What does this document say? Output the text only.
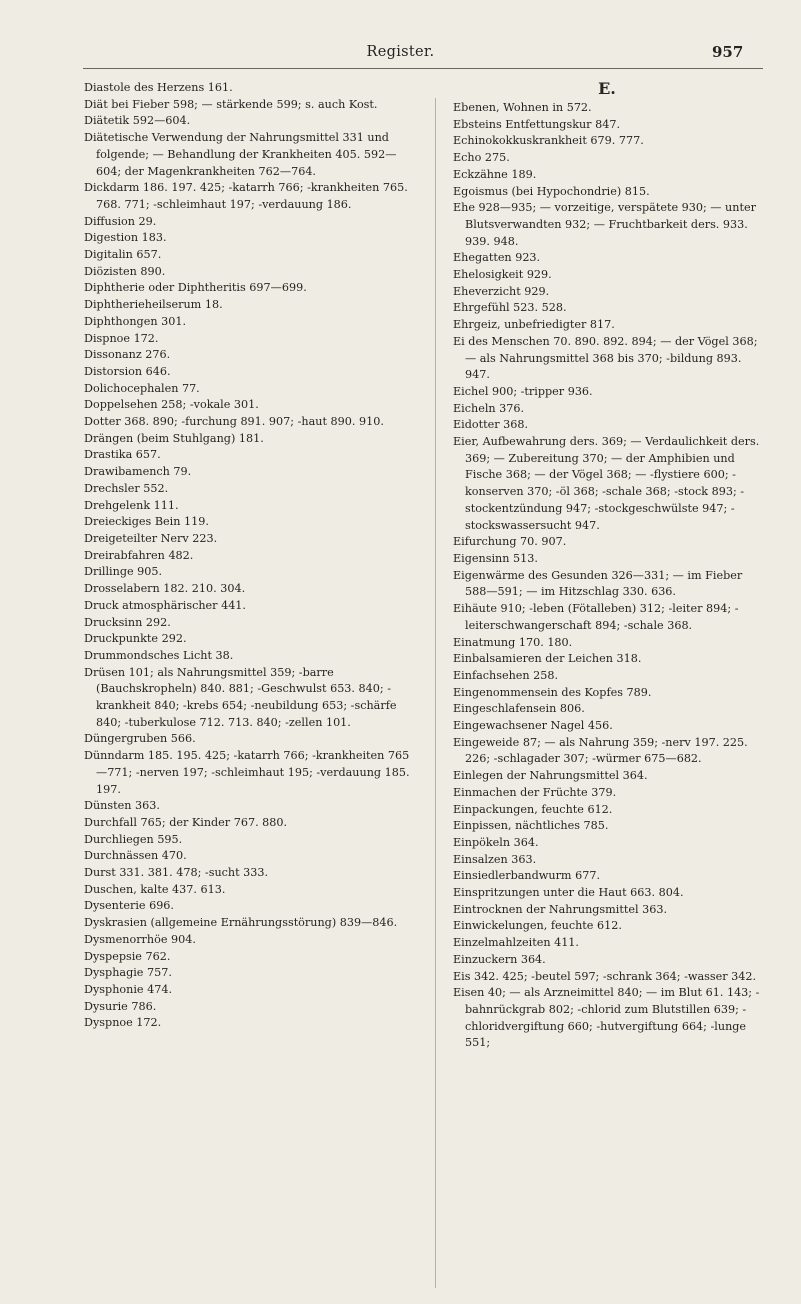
Register.	957

Diastole des Herzens 161.

Diät bei Fieber 598; — stärkende 599; s. auch Kost.

Diätetik 592—604.

Diätetische Verwendung der Nahrungsmittel 331 und folgende; — Behandlung der Krankheiten 405. 592—604; der Magenkrankheiten 762—764.

Dickdarm 186. 197. 425; -katarrh 766; -krankheiten 765. 768. 771; -schleimhaut 197; -verdauung 186.

Diffusion 29.

Digestion 183.

Digitalin 657.

Diözisten 890.

Diphtherie oder Diphtheritis 697—699.

Diphtherieheilserum 18.

Diphthongen 301.

Dispnoe 172.

Dissonanz 276.

Distorsion 646.

Dolichocephalen 77.

Doppelsehen 258; -vokale 301.

Dotter 368. 890; -furchung 891. 907; -haut 890. 910.

Drängen (beim Stuhlgang) 181.

Drastika 657.

Drawibamench 79.

Drechsler 552.

Drehgelenk 111.

Dreieckiges Bein 119.

Dreigeteilter Nerv 223.

Dreirabfahren 482.

Drillinge 905.

Drosselabern 182. 210. 304.

Druck atmosphärischer 441.

Drucksinn 292.

Druckpunkte 292.

Drummondsches Licht 38.

Drüsen 101; als Nahrungsmittel 359; -barre (Bauchskropheln) 840. 881; -Geschwulst 653. 840; -krankheit 840; -krebs 654; -neubildung 653; -schärfe 840; -tuberkulose 712. 713. 840; -zellen 101.

Düngergruben 566.

Dünndarm 185. 195. 425; -katarrh 766; -krankheiten 765—771; -nerven 197; -schleimhaut 195; -verdauung 185. 197.

Dünsten 363.

Durchfall 765; der Kinder 767. 880.

Durchliegen 595.

Durchnässen 470.

Durst 331. 381. 478; -sucht 333.

Duschen, kalte 437. 613.

Dysenterie 696.

Dyskrasien (allgemeine Ernährungsstörung) 839—846.

Dysmenorrhöe 904.

Dyspepsie 762.

Dysphagie 757.

Dysphonie 474.

Dysurie 786.

Dyspnoe 172.

E.

Ebenen, Wohnen in 572.

Ebsteins Entfettungskur 847.

Echinokokkuskrankheit 679. 777.

Echo 275.

Eckzähne 189.

Egoismus (bei Hypochondrie) 815.

Ehe 928—935; — vorzeitige, verspätete 930; — unter Blutsverwandten 932; — Fruchtbarkeit ders. 933. 939. 948.

Ehegatten 923.

Ehelosigkeit 929.

Eheverzicht 929.

Ehrgefühl 523. 528.

Ehrgeiz, unbefriedigter 817.

Ei des Menschen 70. 890. 892. 894; — der Vögel 368; — als Nahrungsmittel 368 bis 370; -bildung 893. 947.

Eichel 900; -tripper 936.

Eicheln 376.

Eidotter 368.

Eier, Aufbewahrung ders. 369; — Verdaulichkeit ders. 369; — Zubereitung 370; — der Amphibien und Fische 368; — der Vögel 368; — -flystiere 600; -konserven 370; -öl 368; -schale 368; -stock 893; -stockentzündung 947; -stockgeschwülste 947; -stockswassersucht 947.

Eifurchung 70. 907.

Eigensinn 513.

Eigenwärme des Gesunden 326—331; — im Fieber 588—591; — im Hitzschlag 330. 636.

Eihäute 910; -leben (Fötalleben) 312; -leiter 894; -leiterschwangerschaft 894; -schale 368.

Einatmung 170. 180.

Einbalsamieren der Leichen 318.

Einfachsehen 258.

Eingenommensein des Kopfes 789.

Eingeschlafensein 806.

Eingewachsener Nagel 456.

Eingeweide 87; — als Nahrung 359; -nerv 197. 225. 226; -schlagader 307; -würmer 675—682.

Einlegen der Nahrungsmittel 364.

Einmachen der Früchte 379.

Einpackungen, feuchte 612.

Einpissen, nächtliches 785.

Einpökeln 364.

Einsalzen 363.

Einsiedlerbandwurm 677.

Einspritzungen unter die Haut 663. 804.

Eintrocknen der Nahrungsmittel 363.

Einwickelungen, feuchte 612.

Einzelmahlzeiten 411.

Einzuckern 364.

Eis 342. 425; -beutel 597; -schrank 364; -wasser 342.

Eisen 40; — als Arzneimittel 840; — im Blut 61. 143; -bahnrückgrab 802; -chlorid zum Blutstillen 639; -chloridvergiftung 660; -hutvergiftung 664; -lunge 551;
